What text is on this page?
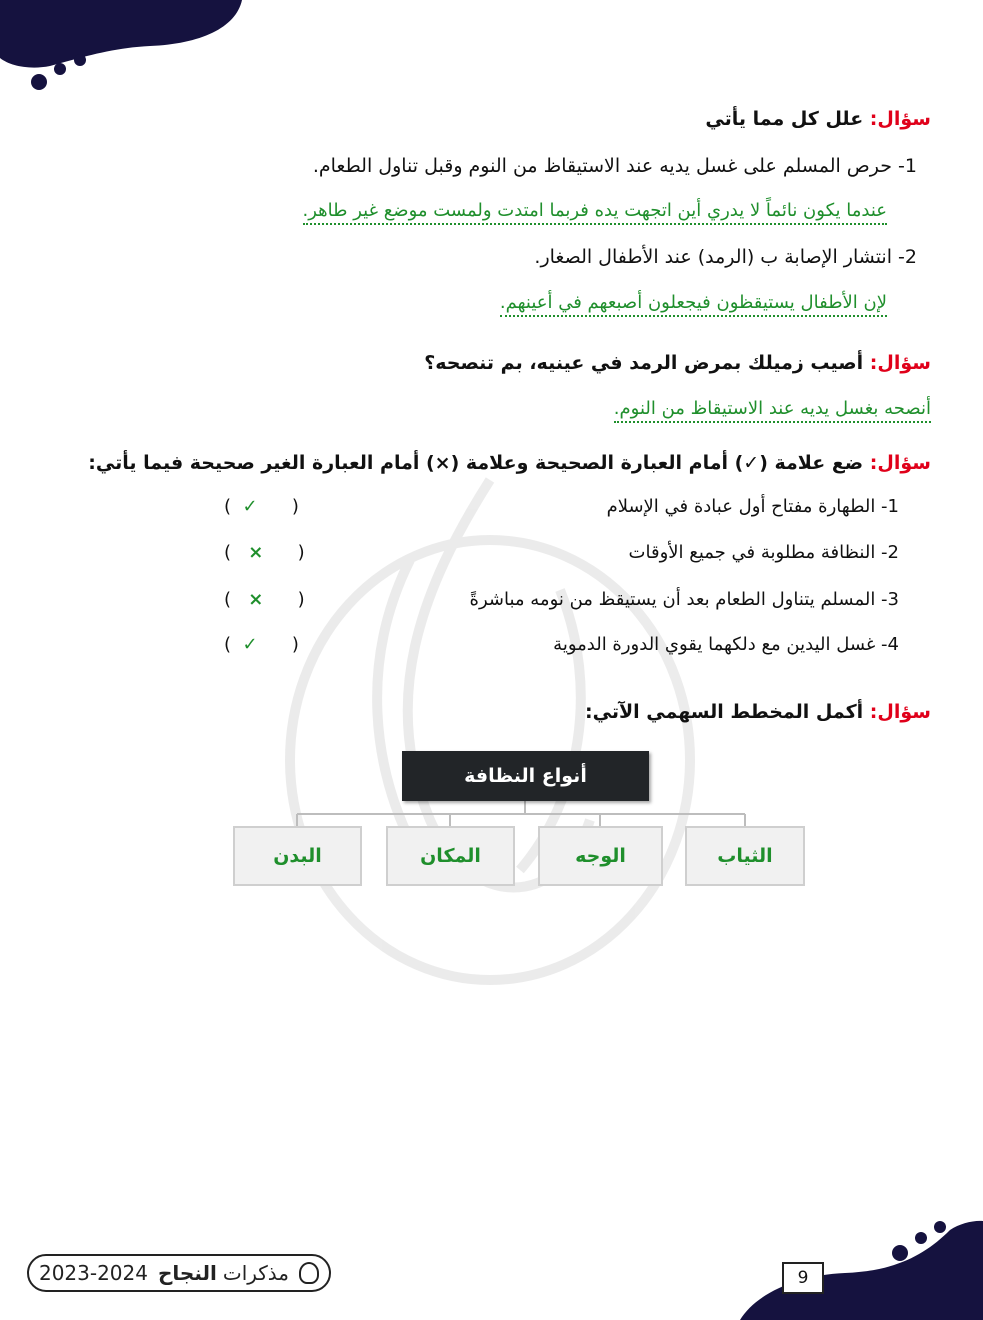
سؤال: علل كل مما يأتي
1- حرص المسلم على غسل يديه عند الاستيقاظ من النوم وقبل تناول الطعام.
عندما يكون نائماً لا يدري أين اتجهت يده فربما امتدت ولمست موضع غير طاهر.
2- انتشار الإصابة ب (الرمد) عند الأطفال الصغار.
لإن الأطفال يستيقظون فيجعلون أصبعهم في أعينهم.
سؤال: أصيب زميلك بمرض الرمد في عينيه، بم تنصحه؟
أنصحه بغسل يديه عند الاستيقاظ من النوم.
سؤال: ضع علامة (✓) أمام العبارة الصحيحة وعلامة (×) أمام العبارة الغير صحيحة فيما يأتي:
1- الطهارة مفتاح أول عبادة في الإسلام
(  ✓      )
2- النظافة مطلوبة في جميع الأوقات
(   ×      )
3- المسلم يتناول الطعام بعد أن يستيقظ من نومه مباشرةً
(   ×      )
4- غسل اليدين مع دلكهما يقوي الدورة الدموية
(  ✓      )
سؤال: أكمل المخطط السهمي الآتي:
أنواع النظافة
الثياب
الوجه
المكان
البدن
2023-2024	مذكرات
النجاح	9
